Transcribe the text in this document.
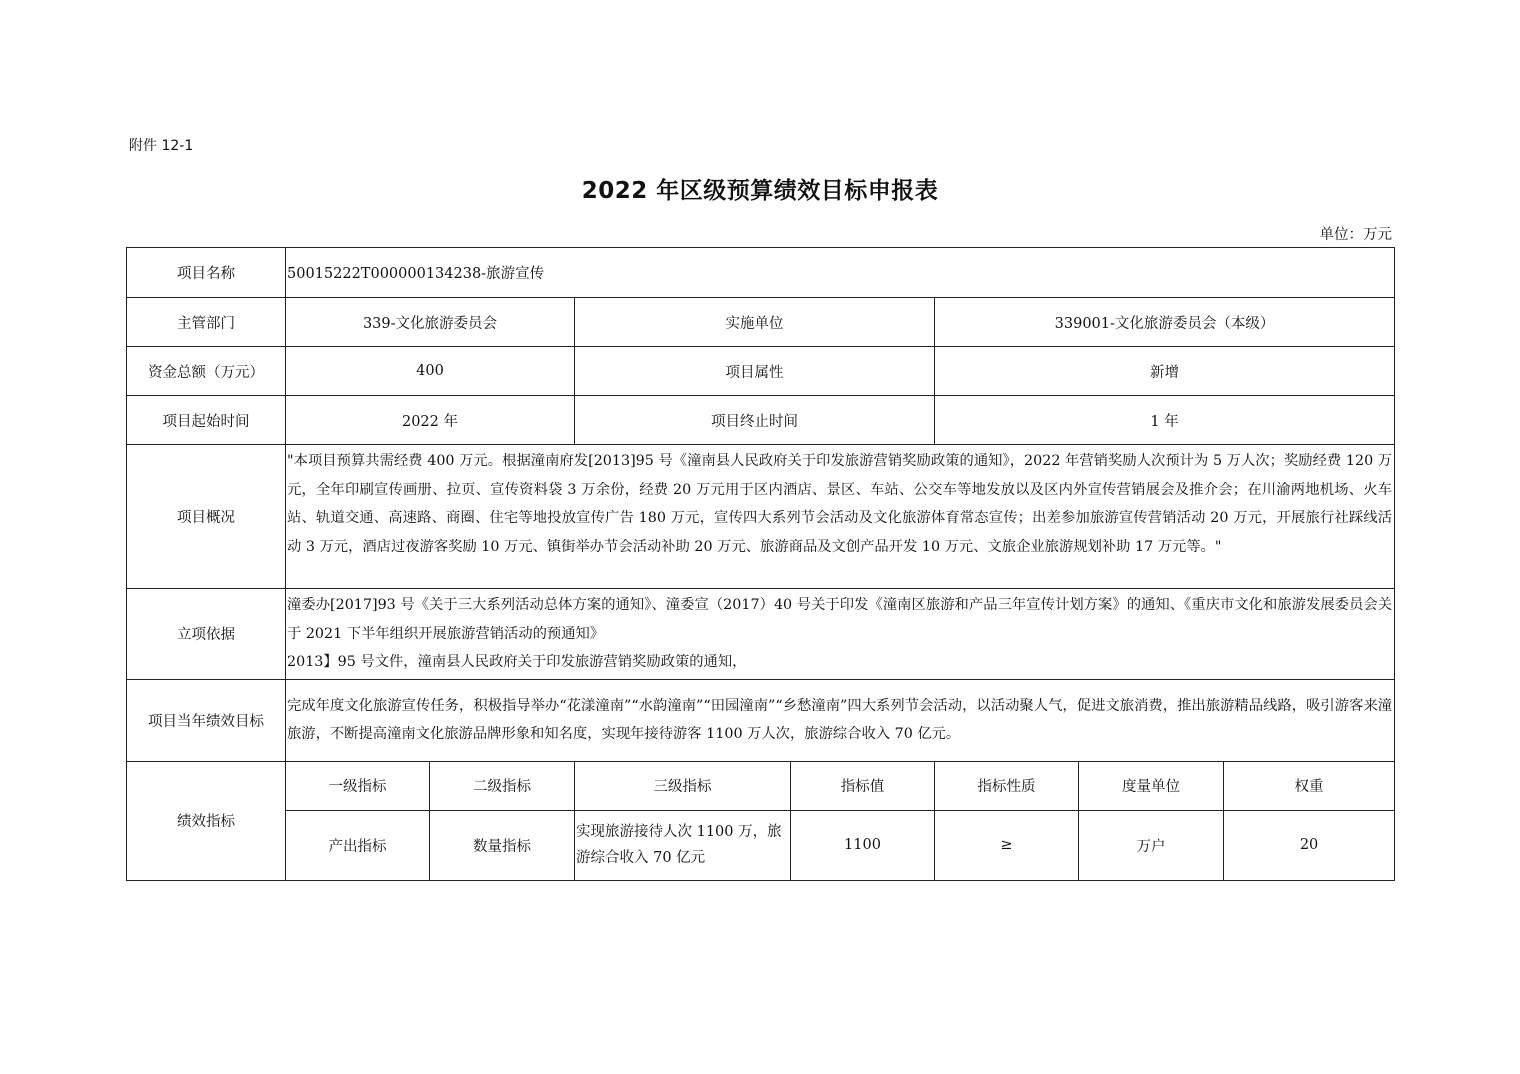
附件 12-1
2022 年区级预算绩效目标申报表
单位：万元
项目名称	50015222T000000134238-旅游宣传						
主管部门	339-文化旅游委员会		实施单位		339001-文化旅游委员会（本级）		
资金总额（万元）	400		项目属性		新增		
项目起始时间	2022 年		项目终止时间		1 年		
项目概况	"本项目预算共需经费 400 万元。根据潼南府发[2013]95 号《潼南县人民政府关于印发旅游营销奖励政策的通知》，2022 年营销奖励人次预计为 5 万人次；奖励经费 120 万元，全年印刷宣传画册、拉页、宣传资料袋 3 万余份，经费 20 万元用于区内酒店、景区、车站、公交车等地发放以及区内外宣传营销展会及推介会；在川渝两地机场、火车站、轨道交通、高速路、商圈、住宅等地投放宣传广告 180 万元，宣传四大系列节会活动及文化旅游体育常态宣传；出差参加旅游宣传营销活动 20 万元，开展旅行社踩线活动 3 万元，酒店过夜游客奖励 10 万元、镇街举办节会活动补助 20 万元、旅游商品及文创产品开发 10 万元、文旅企业旅游规划补助 17 万元等。"						
立项依据	潼委办[2017]93 号《关于三大系列活动总体方案的通知》、潼委宣（2017）40 号关于印发《潼南区旅游和产品三年宣传计划方案》的通知、《重庆市文化和旅游发展委员会关于 2021 下半年组织开展旅游营销活动的预通知》
2013】95 号文件，潼南县人民政府关于印发旅游营销奖励政策的通知，						

项目当年绩效目标	完成年度文化旅游宣传任务，积极指导举办“花漾潼南”“水韵潼南”“田园潼南”“乡愁潼南”四大系列节会活动，以活动聚人气，促进文旅消费，推出旅游精品线路，吸引游客来潼旅游，不断提高潼南文化旅游品牌形象和知名度，实现年接待游客 1100 万人次，旅游综合收入 70 亿元。						
绩效指标	一级指标	二级指标	三级指标	指标值	指标性质	度量单位	权重
	产出指标	数量指标	实现旅游接待人次 1100 万，旅游综合收入 70 亿元	1100	≥	万户	20
